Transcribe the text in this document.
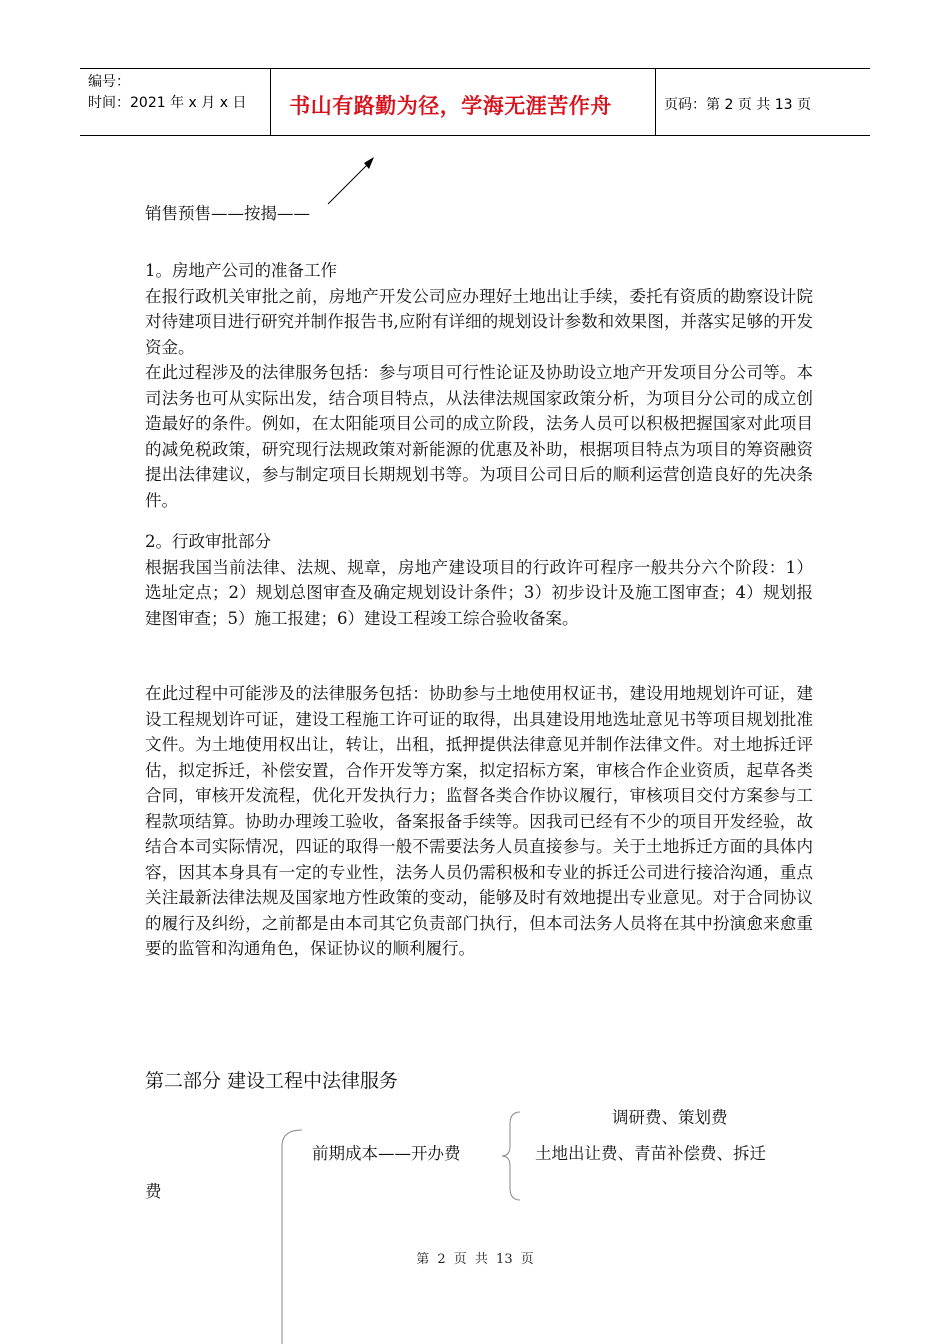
编号：
时间：2021 年 x 月 x 日	书山有路勤为径，学海无涯苦作舟	页码：第 2 页 共 13 页
销售预售——按揭——

1。房地产公司的准备工作

在报行政机关审批之前，房地产开发公司应办理好土地出让手续，委托有资质的勘察设计院对待建项目进行研究并制作报告书,应附有详细的规划设计参数和效果图，并落实足够的开发资金。

在此过程涉及的法律服务包括：参与项目可行性论证及协助设立地产开发项目分公司等。本司法务也可从实际出发，结合项目特点，从法律法规国家政策分析，为项目分公司的成立创造最好的条件。例如，在太阳能项目公司的成立阶段，法务人员可以积极把握国家对此项目的减免税政策，研究现行法规政策对新能源的优惠及补助，根据项目特点为项目的筹资融资提出法律建议，参与制定项目长期规划书等。为项目公司日后的顺利运营创造良好的先决条件。

2。行政审批部分

根据我国当前法律、法规、规章，房地产建设项目的行政许可程序一般共分六个阶段：1）选址定点；2）规划总图审查及确定规划设计条件；3）初步设计及施工图审查；4）规划报建图审查；5）施工报建；6）建设工程竣工综合验收备案。

在此过程中可能涉及的法律服务包括：协助参与土地使用权证书，建设用地规划许可证，建设工程规划许可证，建设工程施工许可证的取得，出具建设用地选址意见书等项目规划批准文件。为土地使用权出让，转让，出租，抵押提供法律意见并制作法律文件。对土地拆迁评估，拟定拆迁，补偿安置，合作开发等方案，拟定招标方案，审核合作企业资质，起草各类合同，审核开发流程，优化开发执行力；监督各类合作协议履行，审核项目交付方案参与工程款项结算。协助办理竣工验收，备案报备手续等。因我司已经有不少的项目开发经验，故结合本司实际情况，四证的取得一般不需要法务人员直接参与。关于土地拆迁方面的具体内容，因其本身具有一定的专业性，法务人员仍需积极和专业的拆迁公司进行接洽沟通，重点关注最新法律法规及国家地方性政策的变动，能够及时有效地提出专业意见。对于合同协议的履行及纠纷，之前都是由本司其它负责部门执行，但本司法务人员将在其中扮演愈来愈重要的监管和沟通角色，保证协议的顺利履行。

第二部分 建设工程中法律服务
调研费、策划费
前期成本——开办费	土地出让费、青苗补偿费、拆迁
费
第 2 页 共 13 页
